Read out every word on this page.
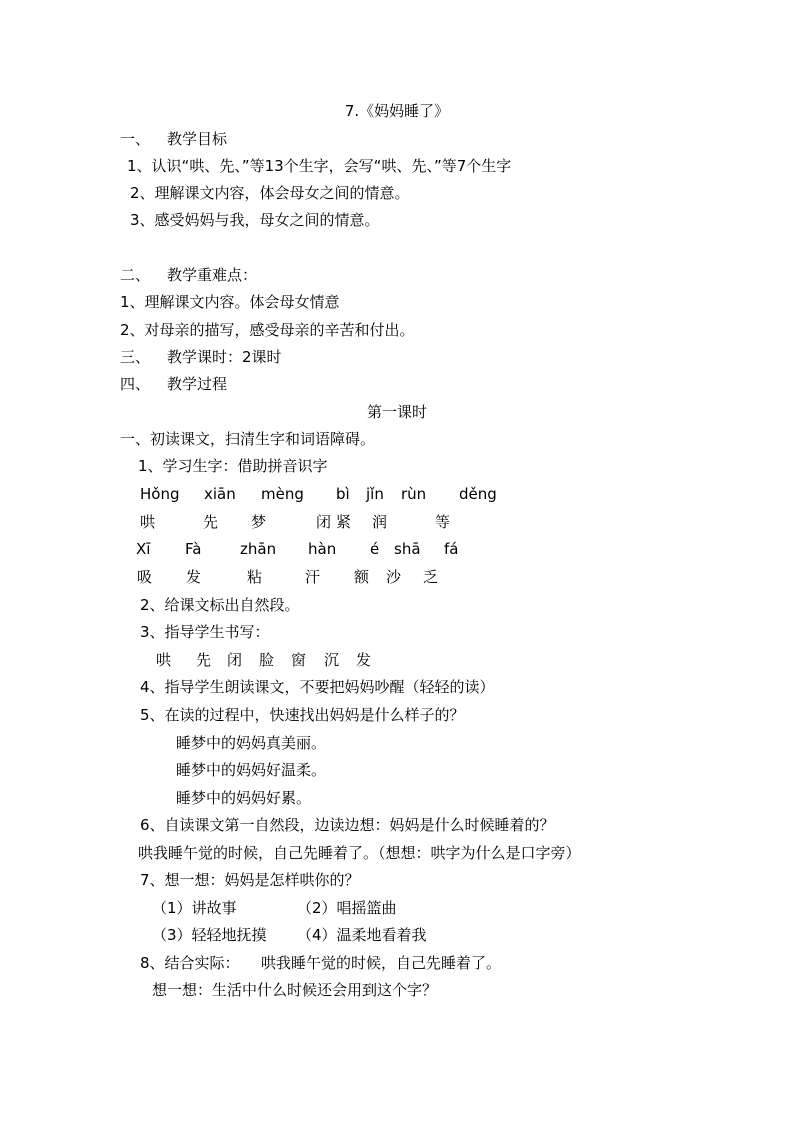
7.《妈妈睡了》
一、 教学目标
1、认识“哄、先、”等13个生字，会写“哄、先、”等7个生字
2、理解课文内容，体会母女之间的情意。
3、感受妈妈与我，母女之间的情意。
二、 教学重难点：
1、理解课文内容。体会母女情意
2、对母亲的描写，感受母亲的辛苦和付出。
三、 教学课时：2课时
四、 教学过程
第一课时
一、初读课文，扫清生字和词语障碍。
1、学习生字：借助拼音识字
Hǒng xiān mèng bì jǐn rùn děng
哄	先 梦	闭 紧 润	等
Xī Fà	zhān hàn é shā fá
吸 发	粘	汗 额 沙 乏
2、给课文标出自然段。
3、指导学生书写：
哄 先 闭 脸 窗 沉 发
4、指导学生朗读课文，不要把妈妈吵醒（轻轻的读）
5、在读的过程中，快速找出妈妈是什么样子的？
睡梦中的妈妈真美丽。
睡梦中的妈妈好温柔。
睡梦中的妈妈好累。
6、自读课文第一自然段，边读边想：妈妈是什么时候睡着的？
哄我睡午觉的时候，自己先睡着了。（想想：哄字为什么是口字旁）
7、想一想：妈妈是怎样哄你的？
（1）讲故事	（2）唱摇篮曲
（3）轻轻地抚摸 （4）温柔地看着我
8、结合实际： 哄我睡午觉的时候，自己先睡着了。
想一想：生活中什么时候还会用到这个字？
